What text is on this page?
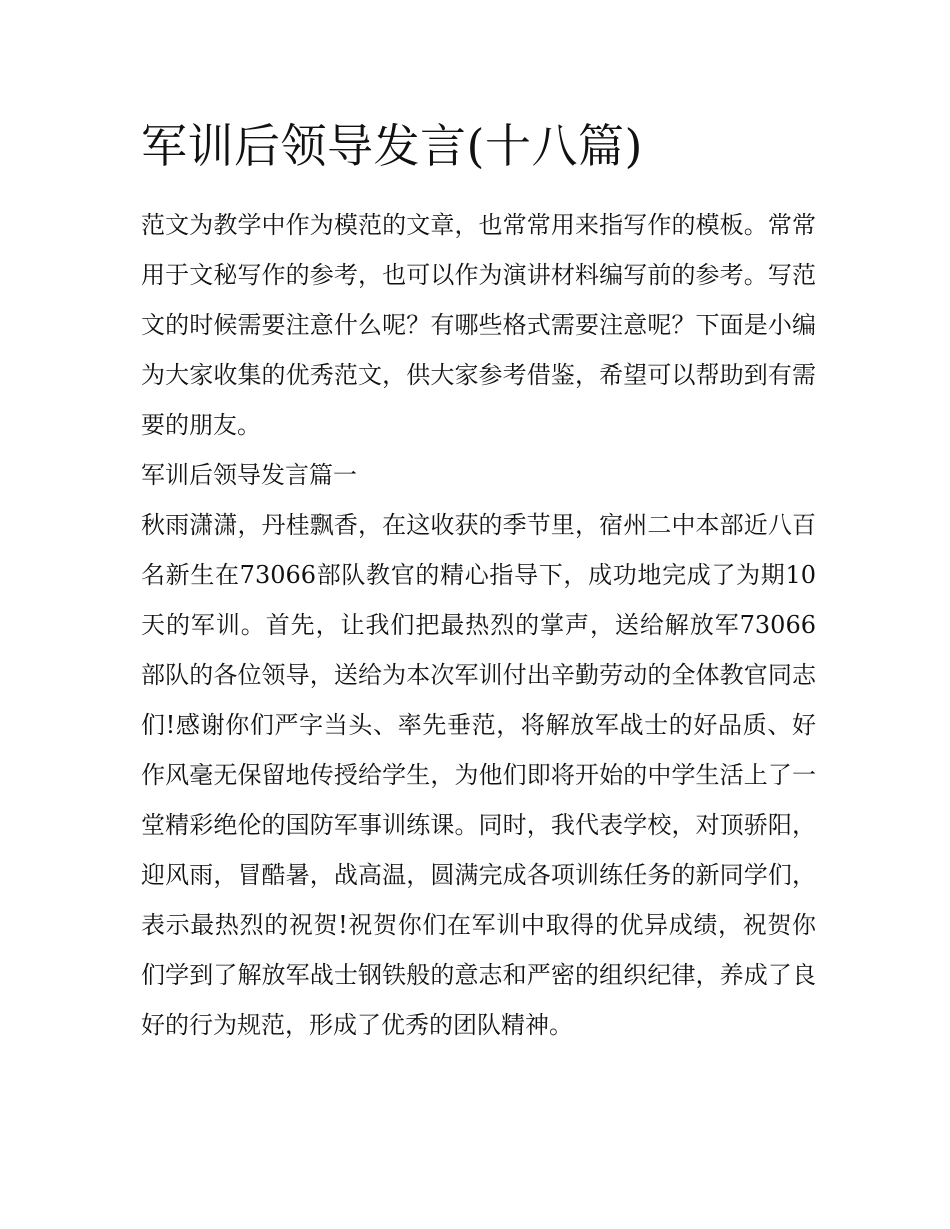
军训后领导发言(十八篇)

范文为教学中作为模范的文章，也常常用来指写作的模板。常常用于文秘写作的参考，也可以作为演讲材料编写前的参考。写范文的时候需要注意什么呢？有哪些格式需要注意呢？下面是小编为大家收集的优秀范文，供大家参考借鉴，希望可以帮助到有需要的朋友。

军训后领导发言篇一

秋雨潇潇，丹桂飘香，在这收获的季节里，宿州二中本部近八百名新生在73066部队教官的精心指导下，成功地完成了为期10天的军训。首先，让我们把最热烈的掌声，送给解放军73066部队的各位领导，送给为本次军训付出辛勤劳动的全体教官同志们!感谢你们严字当头、率先垂范，将解放军战士的好品质、好作风毫无保留地传授给学生，为他们即将开始的中学生活上了一堂精彩绝伦的国防军事训练课。同时，我代表学校，对顶骄阳，迎风雨，冒酷暑，战高温，圆满完成各项训练任务的新同学们，表示最热烈的祝贺!祝贺你们在军训中取得的优异成绩，祝贺你们学到了解放军战士钢铁般的意志和严密的组织纪律，养成了良好的行为规范，形成了优秀的团队精神。
